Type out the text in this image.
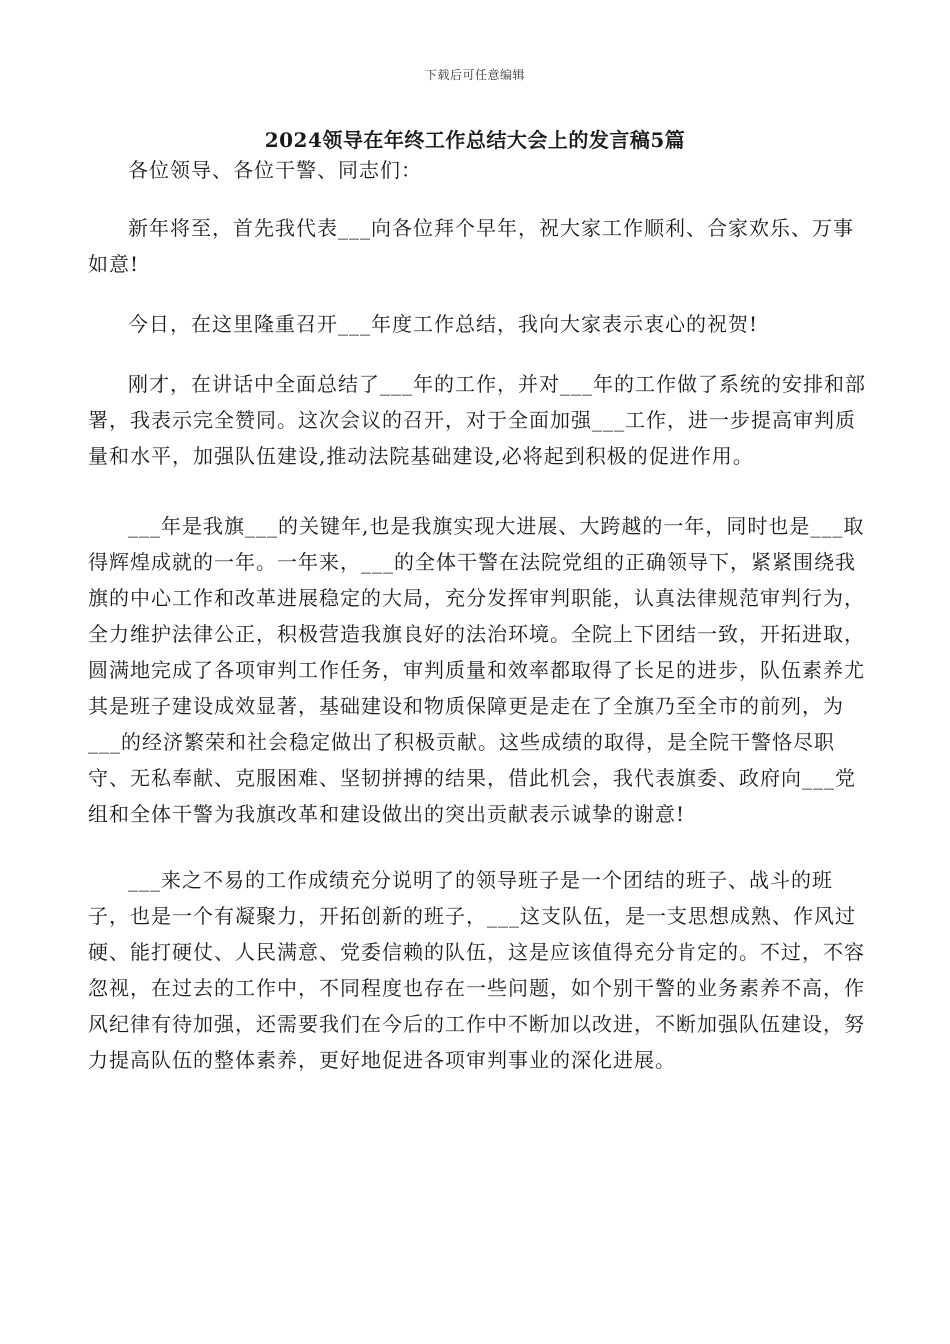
下载后可任意编辑
2024领导在年终工作总结大会上的发言稿5篇

各位领导、各位干警、同志们：

新年将至，首先我代表___向各位拜个早年，祝大家工作顺利、合家欢乐、万事如意!

今日，在这里隆重召开___年度工作总结，我向大家表示衷心的祝贺!

刚才，在讲话中全面总结了___年的工作，并对___年的工作做了系统的安排和部署，我表示完全赞同。这次会议的召开，对于全面加强___工作，进一步提高审判质量和水平，加强队伍建设,推动法院基础建设,必将起到积极的促进作用。

___年是我旗___的关键年,也是我旗实现大进展、大跨越的一年，同时也是___取得辉煌成就的一年。一年来，___的全体干警在法院党组的正确领导下，紧紧围绕我旗的中心工作和改革进展稳定的大局，充分发挥审判职能，认真法律规范审判行为，全力维护法律公正，积极营造我旗良好的法治环境。全院上下团结一致，开拓进取，圆满地完成了各项审判工作任务，审判质量和效率都取得了长足的进步，队伍素养尤其是班子建设成效显著，基础建设和物质保障更是走在了全旗乃至全市的前列，为___的经济繁荣和社会稳定做出了积极贡献。这些成绩的取得，是全院干警恪尽职守、无私奉献、克服困难、坚韧拼搏的结果，借此机会，我代表旗委、政府向___党组和全体干警为我旗改革和建设做出的突出贡献表示诚挚的谢意!

___来之不易的工作成绩充分说明了的领导班子是一个团结的班子、战斗的班子，也是一个有凝聚力，开拓创新的班子，___这支队伍，是一支思想成熟、作风过硬、能打硬仗、人民满意、党委信赖的队伍，这是应该值得充分肯定的。不过，不容忽视，在过去的工作中，不同程度也存在一些问题，如个别干警的业务素养不高，作风纪律有待加强，还需要我们在今后的工作中不断加以改进，不断加强队伍建设，努力提高队伍的整体素养，更好地促进各项审判事业的深化进展。
